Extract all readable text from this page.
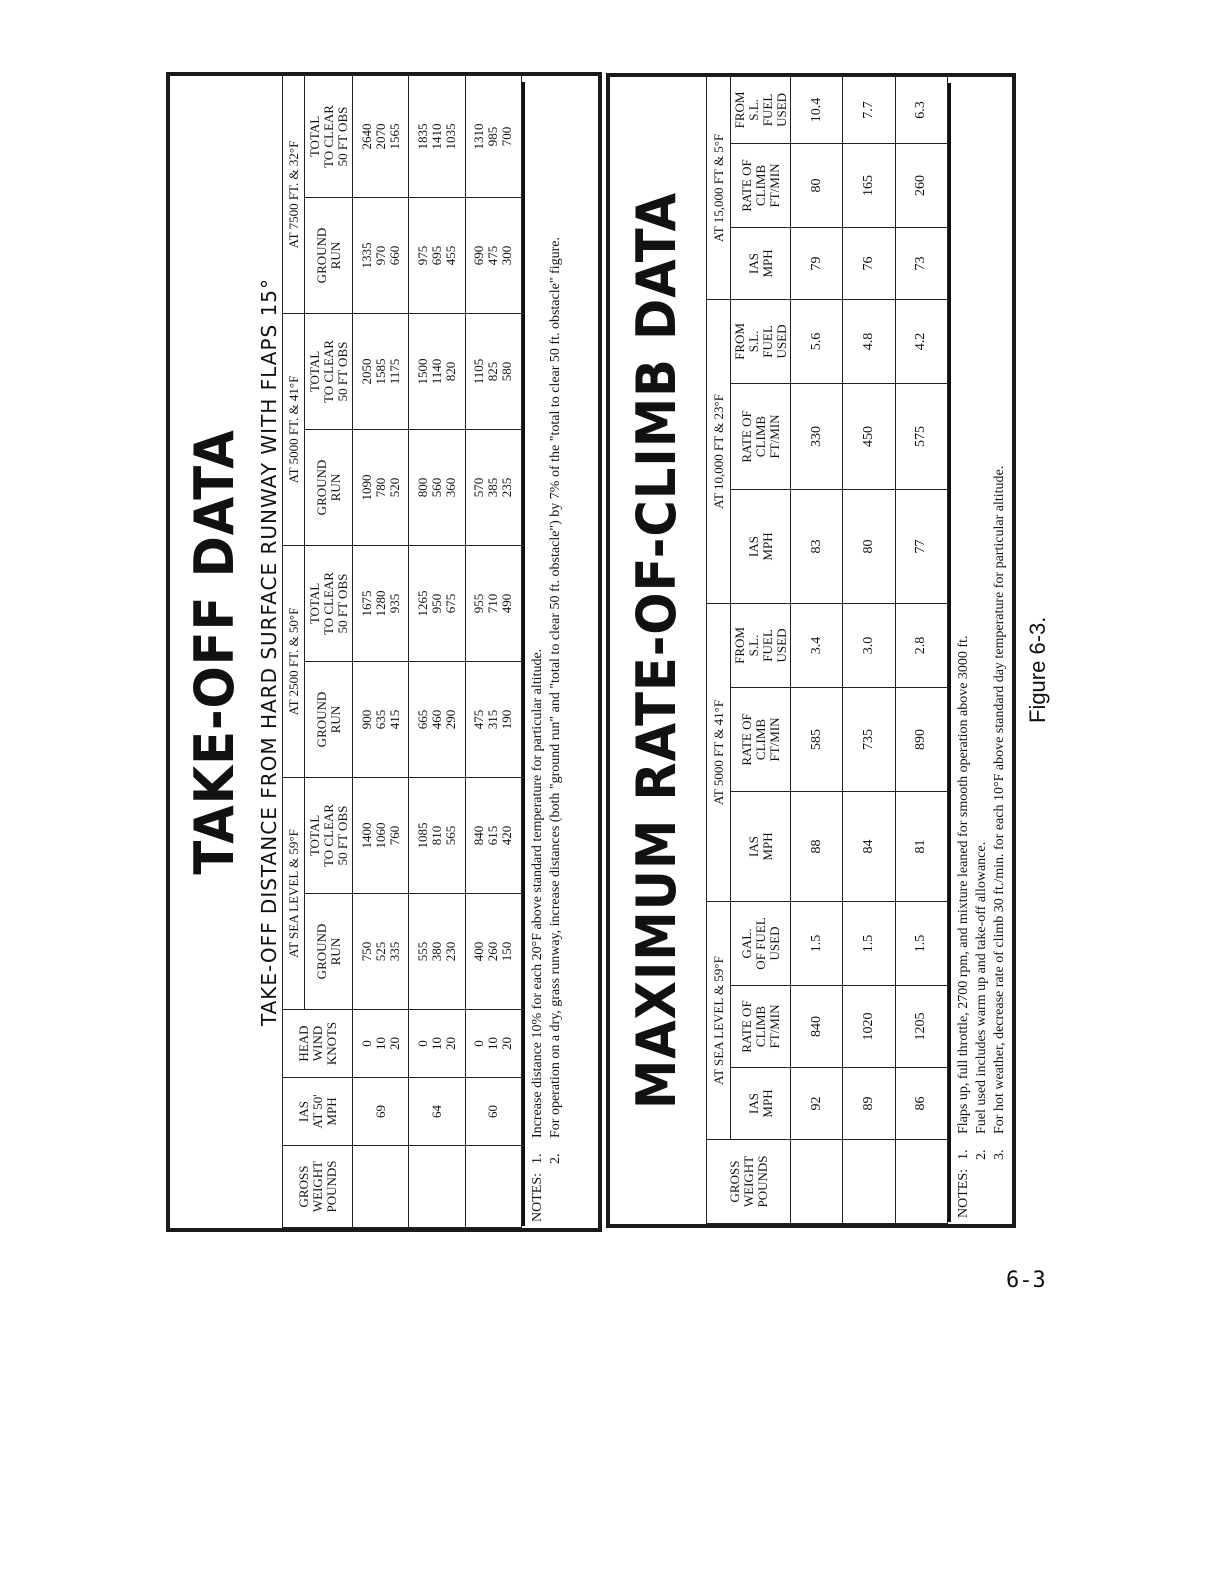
TAKE-OFF DATA TAKE-OFF DISTANCE FROM HARD SURFACE RUNWAY WITH FLAPS 15°
GROSS WEIGHT POUNDS	IAS AT 50' MPH	HEAD WIND KNOTS	AT SEA LEVEL & 59°F		AT 2500 FT. & 50°F		AT 5000 FT. & 41°F		AT 7500 FT. & 32°F	

			GROUND RUN	TOTAL TO CLEAR 50 FT OBS	GROUND RUN	TOTAL TO CLEAR 50 FT OBS	GROUND RUN	TOTAL TO CLEAR 50 FT OBS	GROUND RUN	TOTAL TO CLEAR 50 FT OBS

	69	0 10 20	750 525 335	1400 1060 760	900 635 415	1675 1280 935	1090 780 520	2050 1585 1175	1335 970 660	2640 2070 1565

	64	0 10 20	555 380 230	1085 810 565	665 460 290	1265 950 675	800 560 360	1500 1140 820	975 695 455	1835 1410 1035

	60	0 10 20	400 260 150	840 615 420	475 315 190	955 710 490	570 385 235	1105 825 580	690 475 300	1310 985 700
NOTES:
1.
Increase distance 10% for each 20°F above standard temperature for particular altitude.
2.
For operation on a dry, grass runway, increase distances (both "ground run" and "total to clear 50 ft. obstacle") by 7% of the "total to clear 50 ft. obstacle" figure. MAXIMUM RATE-OF-CLIMB DATA
GROSS WEIGHT POUNDS	AT SEA LEVEL & 59°F			AT 5000 FT & 41°F			AT 10,000 FT & 23°F			AT 15,000 FT & 5°F		

	IAS MPH	RATE OF CLIMB FT/MIN	GAL. OF FUEL USED	IAS MPH	RATE OF CLIMB FT/MIN	FROM S.L. FUEL USED	IAS MPH	RATE OF CLIMB FT/MIN	FROM S.L. FUEL USED	IAS MPH	RATE OF CLIMB FT/MIN	FROM S.L. FUEL USED

	92	840	1.5	88	585	3.4	83	330	5.6	79	80	10.4
	89	1020	1.5	84	735	3.0	80	450	4.8	76	165	7.7
	86	1205	1.5	81	890	2.8	77	575	4.2	73	260	6.3
NOTES:
1.
Flaps up, full throttle, 2700 rpm, and mixture leaned for smooth operation above 3000 ft.
2.
Fuel used includes warm up and take-off allowance.
3.
For hot weather, decrease rate of climb 30 ft./min. for each 10°F above standard day temperature for particular altitude. Figure 6-3.
6-3
